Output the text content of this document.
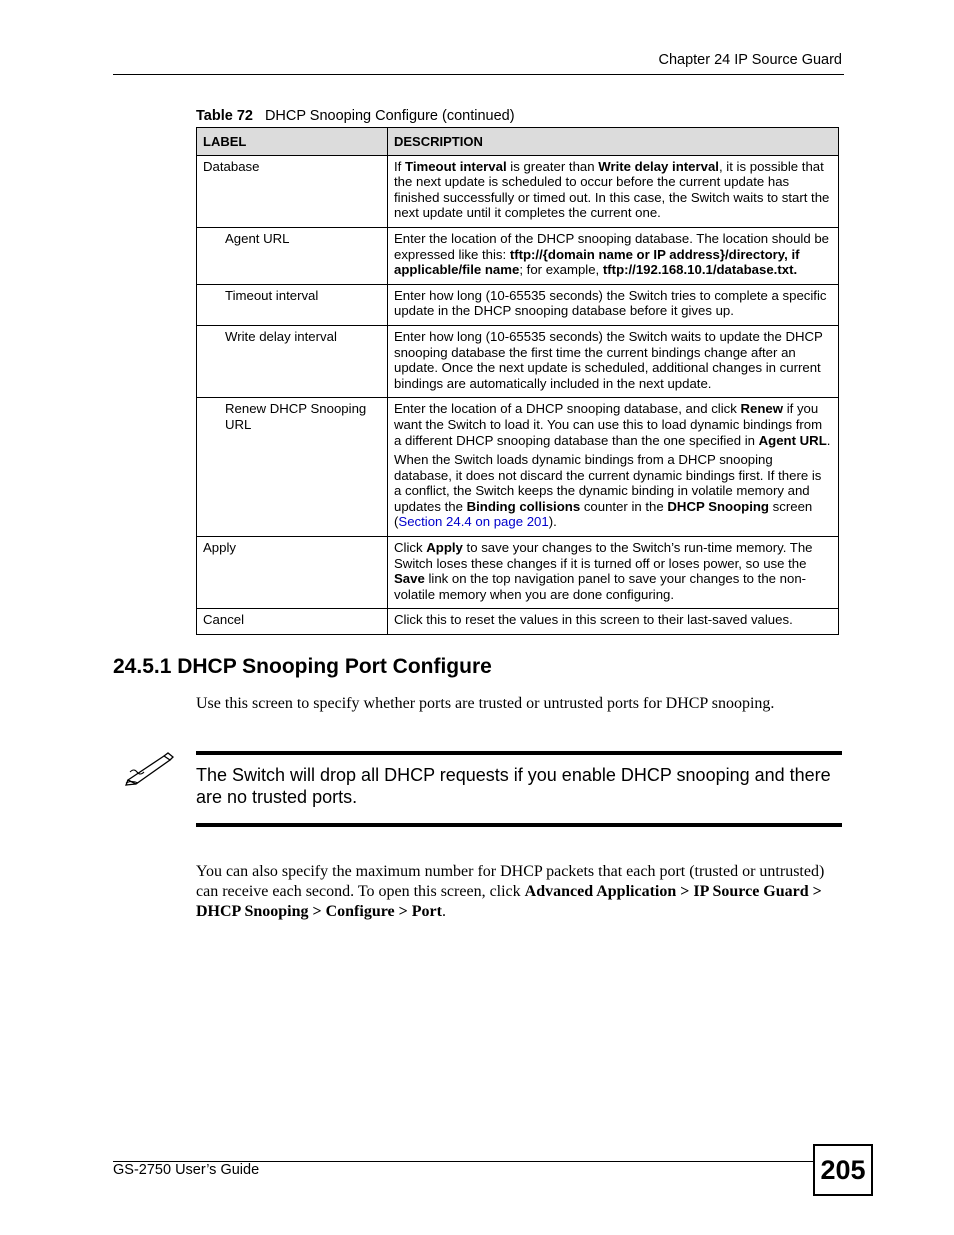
Chapter 24 IP Source Guard
Table 72 DHCP Snooping Configure (continued)
LABEL	DESCRIPTION
Database	If Timeout interval is greater than Write delay interval, it is possible that the next update is scheduled to occur before the current update has finished successfully or timed out. In this case, the Switch waits to start the next update until it completes the current one.

Agent URL	Enter the location of the DHCP snooping database. The location should be expressed like this: tftp://{domain name or IP address}/directory, if applicable/file name; for example, tftp://192.168.10.1/database.txt.

Timeout interval	Enter how long (10-65535 seconds) the Switch tries to complete a specific update in the DHCP snooping database before it gives up.

Write delay interval	Enter how long (10-65535 seconds) the Switch waits to update the DHCP snooping database the first time the current bindings change after an update. Once the next update is scheduled, additional changes in current bindings are automatically included in the next update.

Renew DHCP Snooping URL	Enter the location of a DHCP snooping database, and click Renew if you want the Switch to load it. You can use this to load dynamic bindings from a different DHCP snooping database than the one specified in Agent URL.

When the Switch loads dynamic bindings from a DHCP snooping database, it does not discard the current dynamic bindings first. If there is a conflict, the Switch keeps the dynamic binding in volatile memory and updates the Binding collisions counter in the DHCP Snooping screen (Section 24.4 on page 201).

Apply	Click Apply to save your changes to the Switch’s run-time memory. The Switch loses these changes if it is turned off or loses power, so use the Save link on the top navigation panel to save your changes to the non-volatile memory when you are done configuring.

Cancel	Click this to reset the values in this screen to their last-saved values.

24.5.1 DHCP Snooping Port Configure

Use this screen to specify whether ports are trusted or untrusted ports for DHCP snooping.

The Switch will drop all DHCP requests if you enable DHCP snooping and there are no trusted ports.

You can also specify the maximum number for DHCP packets that each port (trusted or untrusted) can receive each second. To open this screen, click Advanced Application > IP Source Guard > DHCP Snooping > Configure > Port.

GS-2750 User’s Guide	205
